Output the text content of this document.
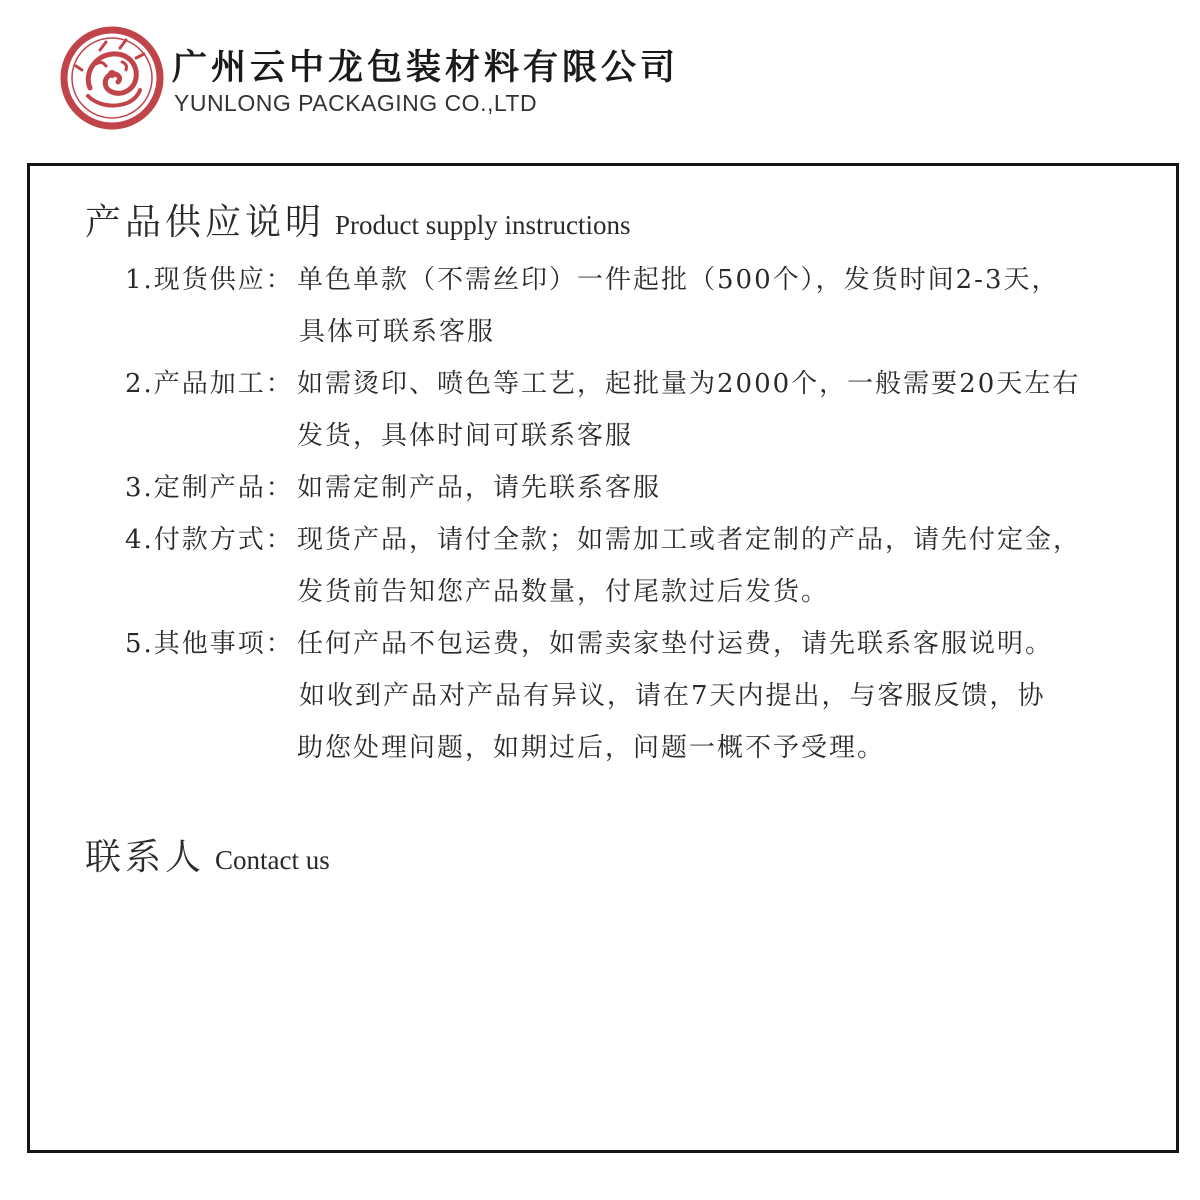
广州云中龙包装材料有限公司
YUNLONG PACKAGING CO.,LTD
产品供应说明 Product supply instructions
1.现货供应： 单色单款（不需丝印）一件起批（500个），发货时间2-3天，
具体可联系客服
2.产品加工： 如需烫印、喷色等工艺，起批量为2000个，一般需要20天左右
发货，具体时间可联系客服
3.定制产品： 如需定制产品，请先联系客服
4.付款方式： 现货产品，请付全款；如需加工或者定制的产品，请先付定金，
发货前告知您产品数量，付尾款过后发货。
5.其他事项： 任何产品不包运费，如需卖家垫付运费，请先联系客服说明。
如收到产品对产品有异议，请在7天内提出，与客服反馈，协
助您处理问题，如期过后，问题一概不予受理。
联系人 Contact us
